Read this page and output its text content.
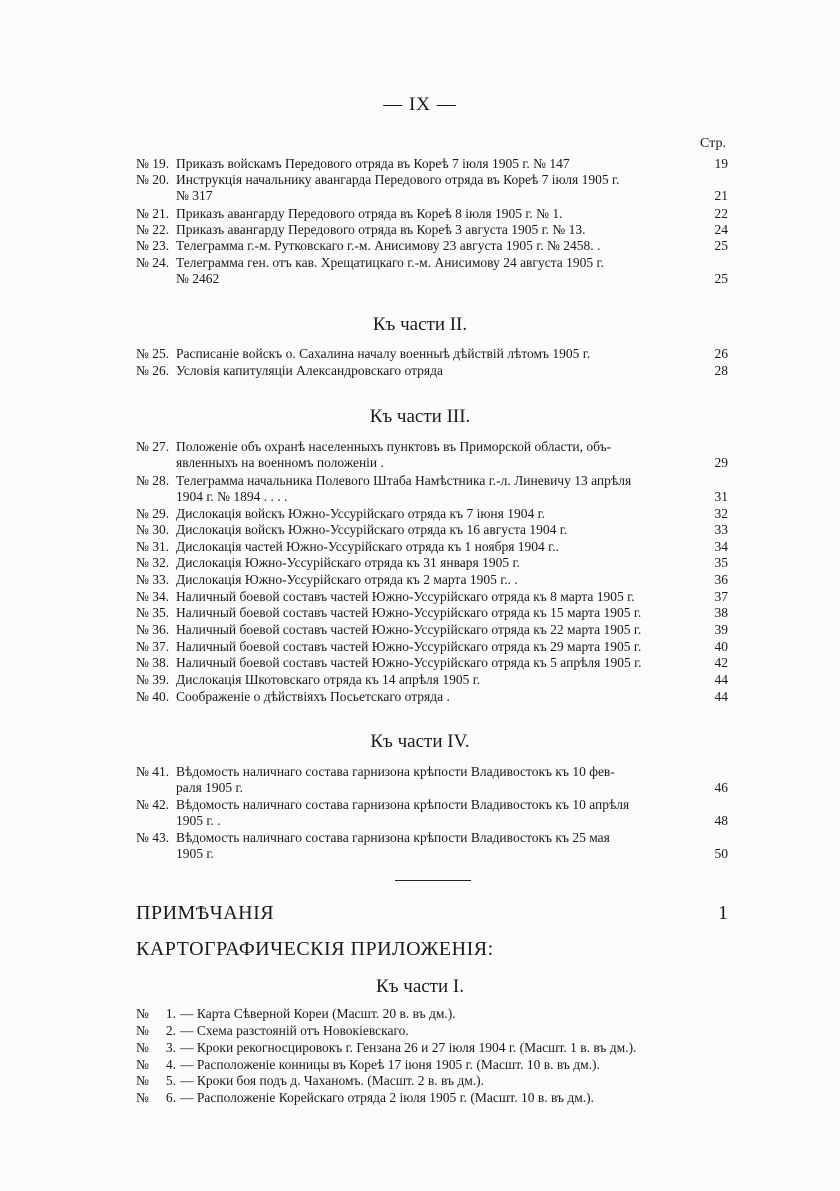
— IX —
Стр.
№ 19. Приказъ войскамъ Передового отряда въ Кореѣ 7 іюля 1905 г. № 147	19
№ 20. Инструкція начальнику авангарда Передового отряда въ Кореѣ 7 іюля 1905 г.
№ 317	21
№ 21. Приказъ авангарду Передового отряда въ Кореѣ 8 іюля 1905 г. № 1.	22
№ 22. Приказъ авангарду Передового отряда въ Кореѣ 3 августа 1905 г. № 13.	24
№ 23. Телеграмма г.-м. Рутковскаго г.-м. Анисимову 23 августа 1905 г. № 2458. .	25
№ 24. Телеграмма ген. отъ кав. Хрещатицкаго г.-м. Анисимову 24 августа 1905 г.
№ 2462	25
Къ части II.
№ 25. Расписаніе войскъ о. Сахалина началу военныѣ дѣйствій лѣтомъ 1905 г.	26
№ 26. Условія капитуляціи Александровскаго отряда	28
Къ части III.
№ 27. Положеніе объ охранѣ населенныхъ пунктовъ въ Приморской области, объ-
явленныхъ на военномъ положеніи .	29
№ 28. Телеграмма начальника Полевого Штаба Намѣстника г.-л. Линевичу 13 апрѣля
1904 г. № 1894 . . . .	31
№ 29. Дислокація войскъ Южно-Уссурійскаго отряда къ 7 іюня 1904 г.	32
№ 30. Дислокація войскъ Южно-Уссурійскаго отряда къ 16 августа 1904 г.	33
№ 31. Дислокація частей Южно-Уссурійскаго отряда къ 1 ноября 1904 г..	34
№ 32. Дислокація Южно-Уссурійскаго отряда къ 31 января 1905 г.	35
№ 33. Дислокація Южно-Уссурійскаго отряда къ 2 марта 1905 г.. .	36
№ 34. Наличный боевой составъ частей Южно-Уссурійскаго отряда къ 8 марта 1905 г.	37
№ 35. Наличный боевой составъ частей Южно-Уссурійскаго отряда къ 15 марта 1905 г.	38
№ 36. Наличный боевой составъ частей Южно-Уссурійскаго отряда къ 22 марта 1905 г.	39
№ 37. Наличный боевой составъ частей Южно-Уссурійскаго отряда къ 29 марта 1905 г.	40
№ 38. Наличный боевой составъ частей Южно-Уссурійскаго отряда къ 5 апрѣля 1905 г.	42
№ 39. Дислокація Шкотовскаго отряда къ 14 апрѣля 1905 г.	44
№ 40. Соображеніе о дѣйствіяхъ Посьетскаго отряда .	44
Къ части IV.
№ 41. Вѣдомость наличнаго состава гарнизона крѣпости Владивостокъ къ 10 фев-
раля 1905 г.	46
№ 42. Вѣдомость наличнаго состава гарнизона крѣпости Владивостокъ къ 10 апрѣля
1905 г. .	48
№ 43. Вѣдомость наличнаго состава гарнизона крѣпости Владивостокъ къ 25 мая
1905 г.	50
ПРИМѢЧАНІЯ	1
КАРТОГРАФИЧЕСКІЯ ПРИЛОЖЕНІЯ:
Къ части I.
№ 1. — Карта Сѣверной Кореи (Масшт. 20 в. въ дм.).
№ 2. — Схема разстояній отъ Новокіевскаго.
№ 3. — Кроки рекогносцировокъ г. Гензана 26 и 27 іюля 1904 г. (Масшт. 1 в. въ дм.).
№ 4. — Расположеніе конницы въ Кореѣ 17 іюня 1905 г. (Масшт. 10 в. въ дм.).
№ 5. — Кроки боя подъ д. Чаханомъ. (Масшт. 2 в. въ дм.).
№ 6. — Расположеніе Корейскаго отряда 2 іюля 1905 г. (Масшт. 10 в. въ дм.).
